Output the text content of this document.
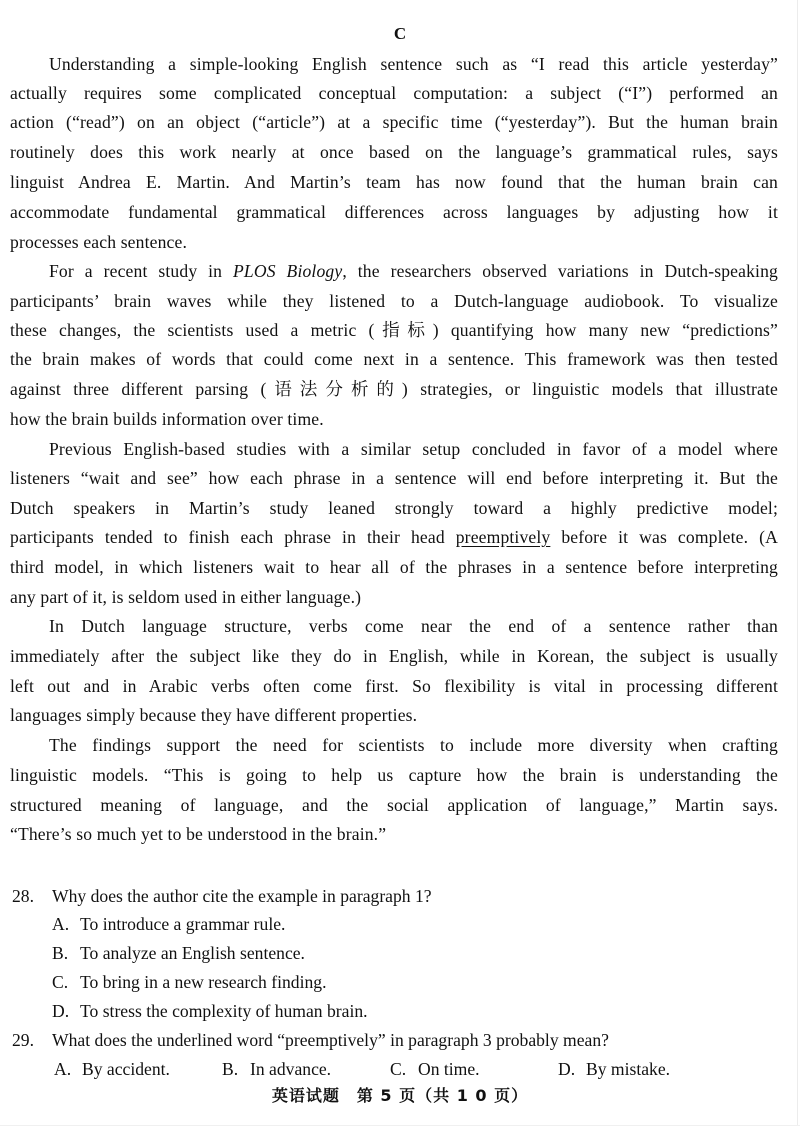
C
Understanding a simple-looking English sentence such as “I read this article yesterday”
actually requires some complicated conceptual computation: a subject (“I”) performed an
action (“read”) on an object (“article”) at a specific time (“yesterday”). But the human brain
routinely does this work nearly at once based on the language’s grammatical rules, says
linguist Andrea E. Martin. And Martin’s team has now found that the human brain can
accommodate fundamental grammatical differences across languages by adjusting how it
processes each sentence.
For a recent study in PLOS Biology, the researchers observed variations in Dutch-speaking
participants’ brain waves while they listened to a Dutch-language audiobook. To visualize
these changes, the scientists used a metric (指标) quantifying how many new “predictions”
the brain makes of words that could come next in a sentence. This framework was then tested
against three different parsing (语法分析的) strategies, or linguistic models that illustrate
how the brain builds information over time.
Previous English-based studies with a similar setup concluded in favor of a model where
listeners “wait and see” how each phrase in a sentence will end before interpreting it. But the
Dutch speakers in Martin’s study leaned strongly toward a highly predictive model;
participants tended to finish each phrase in their head preemptively before it was complete. (A
third model, in which listeners wait to hear all of the phrases in a sentence before interpreting
any part of it, is seldom used in either language.)
In Dutch language structure, verbs come near the end of a sentence rather than
immediately after the subject like they do in English, while in Korean, the subject is usually
left out and in Arabic verbs often come first. So flexibility is vital in processing different
languages simply because they have different properties.
The findings support the need for scientists to include more diversity when crafting
linguistic models. “This is going to help us capture how the brain is understanding the
structured meaning of language, and the social application of language,” Martin says.
“There’s so much yet to be understood in the brain.”
28. Why does the author cite the example in paragraph 1?
A. To introduce a grammar rule.
B. To analyze an English sentence.
C. To bring in a new research finding.
D. To stress the complexity of human brain.
29. What does the underlined word “preemptively” in paragraph 3 probably mean?
A. By accident.	B. In advance.	C. On time.	D. By mistake.
英语试题　第 5 页（共 1 0 页）
